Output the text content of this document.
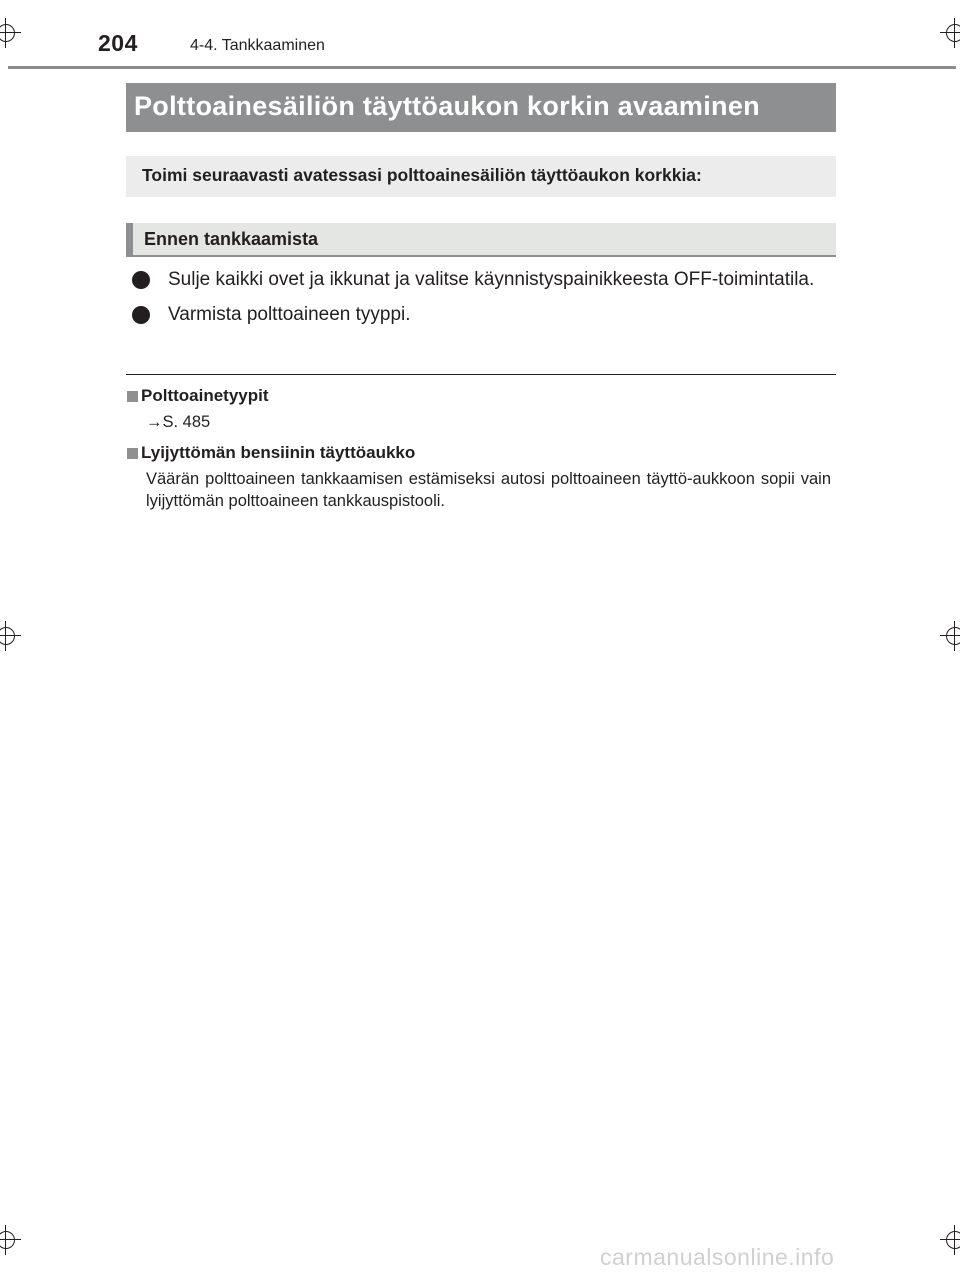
204	4-4. Tankkaaminen
Polttoainesäiliön täyttöaukon korkin avaaminen
Toimi seuraavasti avatessasi polttoainesäiliön täyttöaukon korkkia:
Ennen tankkaamista
Sulje kaikki ovet ja ikkunat ja valitse käynnistyspainikkeesta OFF-toimintatila.
Varmista polttoaineen tyyppi.
Polttoainetyypit
→S. 485
Lyijyttömän bensiinin täyttöaukko
Väärän polttoaineen tankkaamisen estämiseksi autosi polttoaineen täyttö-aukkoon sopii vain lyijyttömän polttoaineen tankkauspistooli.
carmanualsonline.info
